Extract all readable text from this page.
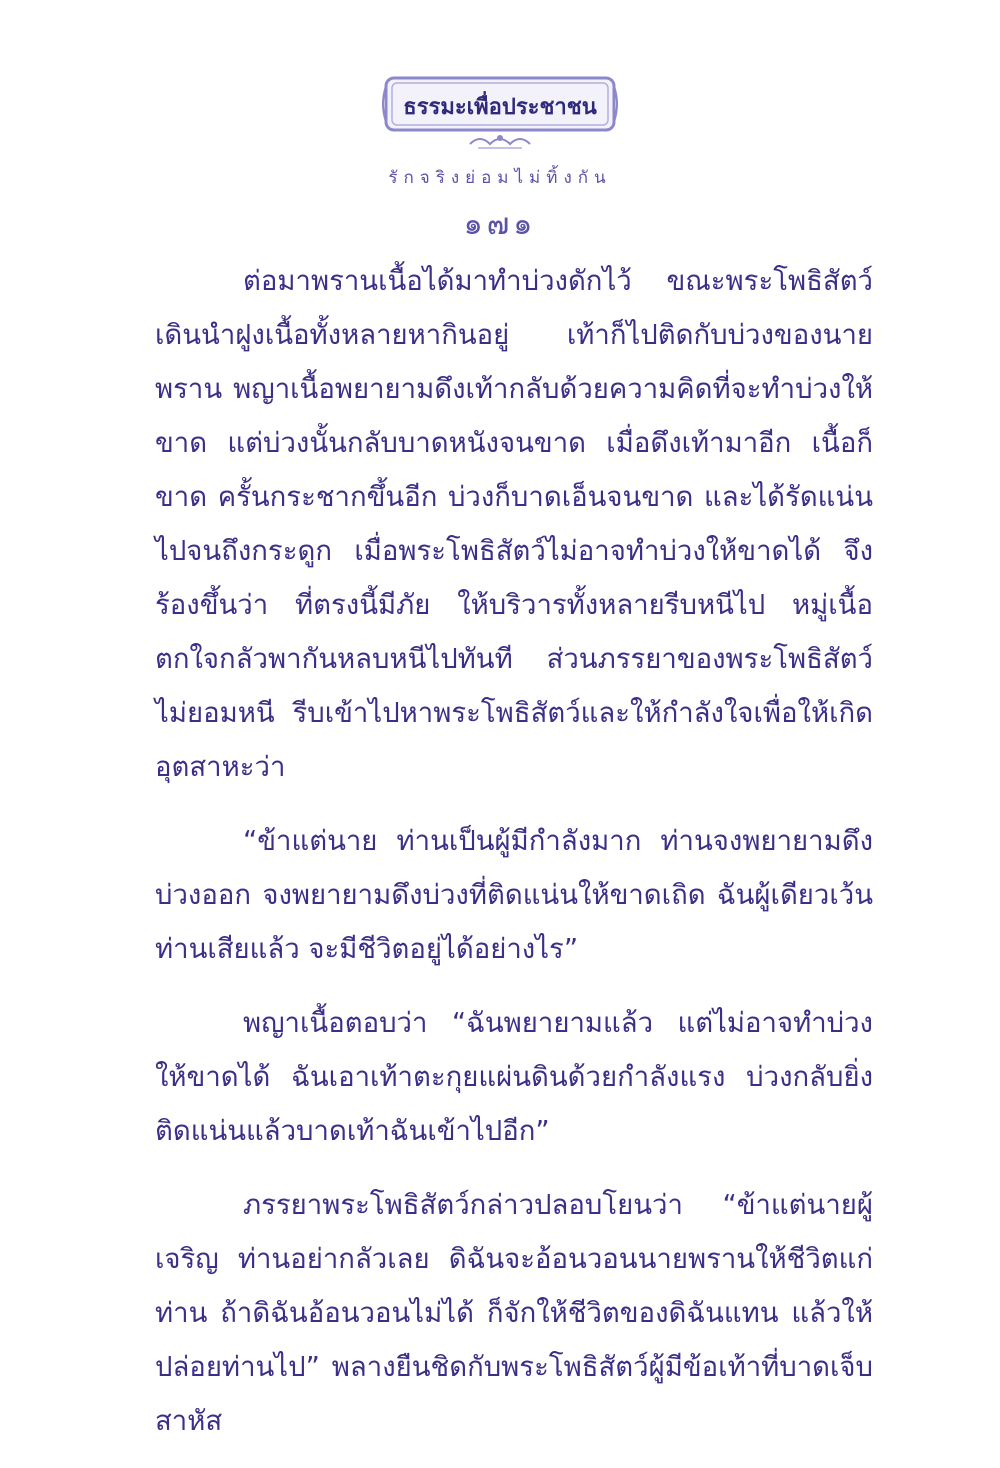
ธรรมะเพื่อประชาชน
รักจริงย่อมไม่ทิ้งกัน
๑๗๑

ต่อมาพรานเนื้อได้มาทำบ่วงดักไว้ ขณะพระโพธิสัตว์เดินนำฝูงเนื้อทั้งหลายหากินอยู่ เท้าก็ไปติดกับบ่วงของนายพราน พญาเนื้อพยายามดึงเท้ากลับด้วยความคิดที่จะทำบ่วงให้ขาด แต่บ่วงนั้นกลับบาดหนังจนขาด เมื่อดึงเท้ามาอีก เนื้อก็ขาด ครั้นกระชากขึ้นอีก บ่วงก็บาดเอ็นจนขาด และได้รัดแน่นไปจนถึงกระดูก เมื่อพระโพธิสัตว์ไม่อาจทำบ่วงให้ขาดได้ จึงร้องขึ้นว่า ที่ตรงนี้มีภัย ให้บริวารทั้งหลายรีบหนีไป หมู่เนื้อตกใจกลัวพากันหลบหนีไปทันที ส่วนภรรยาของพระโพธิสัตว์ไม่ยอมหนี รีบเข้าไปหาพระโพธิสัตว์และให้กำลังใจเพื่อให้เกิดอุตสาหะว่า

“ข้าแต่นาย ท่านเป็นผู้มีกำลังมาก ท่านจงพยายามดึงบ่วงออก จงพยายามดึงบ่วงที่ติดแน่นให้ขาดเถิด ฉันผู้เดียวเว้นท่านเสียแล้ว จะมีชีวิตอยู่ได้อย่างไร”

พญาเนื้อตอบว่า “ฉันพยายามแล้ว แต่ไม่อาจทำบ่วงให้ขาดได้ ฉันเอาเท้าตะกุยแผ่นดินด้วยกำลังแรง บ่วงกลับยิ่งติดแน่นแล้วบาดเท้าฉันเข้าไปอีก”

ภรรยาพระโพธิสัตว์กล่าวปลอบโยนว่า “ข้าแต่นายผู้เจริญ ท่านอย่ากลัวเลย ดิฉันจะอ้อนวอนนายพรานให้ชีวิตแก่ท่าน ถ้าดิฉันอ้อนวอนไม่ได้ ก็จักให้ชีวิตของดิฉันแทน แล้วให้ปล่อยท่านไป” พลางยืนชิดกับพระโพธิสัตว์ผู้มีข้อเท้าที่บาดเจ็บสาหัส
